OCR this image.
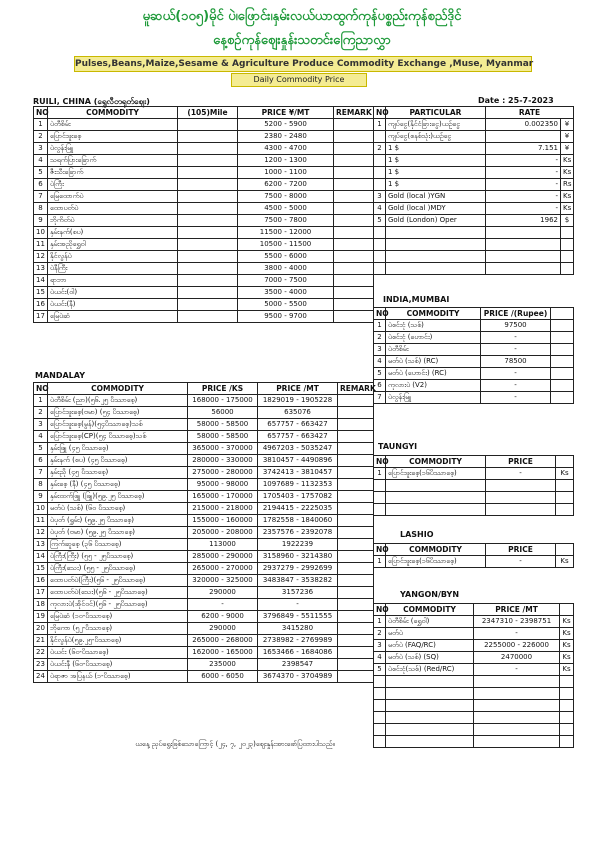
မူဆယ်(၁၀၅)မိုင် ပဲ၊ဖြောင်း၊နှမ်းလယ်ယာထွက်ကုန်ပစ္စည်းကုန်စည်ဒိုင်
နေ့စဉ်ကုန်စျေးနှုန်းသတင်းကြေညာလွှာ
Pulses,Beans,Maize,Sesame & Agriculture Produce Commodity Exchange ,Muse, Myanmar
Daily Commodity Price
RUILI, CHINA (ရွှေလီတရုတ်စျေး)	Date : 25-7-2023
NO	COMMODITY	(105)Mile	PRICE ¥/MT	REMARK
1	ပဲတီစိမ်း		5200 - 5900	
2	ပြောင်းဖူးစေ့		2380 - 2480	
3	ပဲလွန်းမြူ		4300 - 4700	
4	သရက်ပြားခြောက်		1200 - 1300	
5	ဇီးသီးခြောက်		1000 - 1100	
6	ပဲကြီး		6200 - 7200	
7	မြေထောက်ပဲ		7500 - 8000	
8	ထောပတ်ပဲ		4500 - 5000	
9	ဘိုကိတ်ပဲ		7500 - 7800	
10	နှမ်းနက်(စပ)		11500 - 12000	
11	နှမ်းအညိုရွှေဝါ		10500 - 11500	
12	နိုင်လွန်ပဲ		5500 - 6000	
13	ပဲနီကြီး		3800 - 4000	
14	ရာဘာ		7000 - 7500	
15	ပဲယင်း(ဝါ)		3500 - 4000	
16	ပဲယင်း(နီ)		5000 - 5500	
17	မြေပဲဆံ		9500 - 9700	
NO	PARTICULAR	RATE	
1	ကျပ်ငွေ(နိုင်ငံခြားငွေ)ယဉ်ငွေ	0.002350	¥
	ကျပ်ငွေ(စနစ်သုံး)ယဉ်ငွေ		¥
2	1 $	7.151	¥
	1 $	-	Ks
	1 $	-	Ks
	1 $	-	Rs
3	Gold (local )YGN	-	Ks
4	Gold (local )MDY	-	Ks
5	Gold (London) Oper	1962	$

INDIA,MUMBAI
NO	COMMODITY	PRICE /(Rupee)	
1	ပဲစင်းငုံ (သစ်)	97500	
2	ပဲစင်းငုံ (ဟောင်း)	-	
3	ပဲတီစိမ်း	-	
4	မတ်ပဲ (သစ်) (RC)	78500	
5	မတ်ပဲ (ဟောင်း) (RC)	-	
6	ကုလားပဲ (V2)	-	
7	ပဲလွန်းမြူ	-	
MANDALAY
NO	COMMODITY	PRICE /KS	PRICE /MT	REMARK
1	ပဲတီစိမ်း (ညာ)(၅၆.၂၅ ပိဿာစေ့)	168000 - 175000	1829019 - 1905228	
2	ပြောင်းဖူးစေ့(ဗမာ) (၅၄ ပိဿာစေ့)	56000	635076	
3	ပြောင်းဖူးစေ့(မွန်)(၅၄ပိဿာစေ့)သစ်	58000 - 58500	657757 - 663427	
4	ပြောင်းဖူးစေ့(CP)(၅၄ ပိဿာစေ့)သစ်	58000 - 58500	657757 - 663427	
5	နှမ်းဖြူ (၄၅ ပိဿာစေ့)	365000 - 370000	4967203 - 5035247	
6	နှမ်းနက် (စပ) (၄၅ ပိဿာစေ့)	280000 - 330000	3810457 - 4490896	
7	နှမ်းညို (၄၅ ပိဿာစေ့)	275000 - 280000	3742413 - 3810457	
8	နှမ်းစေ့ (နီ) (၄၅ ပိဿာစေ့)	95000 - 98000	1097689 - 1132353	
9	နှမ်းထက်ဖြူ (ဖြူ)(၅၉.၂၅ ပိဿာစေ့)	165000 - 170000	1705403 - 1757082	
10	မတ်ပဲ (သစ်) (၆၀ ပိဿာစေ့)	215000 - 218000	2194415 - 2225035	
11	ပဲပုတ် (ရွှမ်း) (၅၉.၂၅ ပိဿာစေ့)	155000 - 160000	1782558 - 1840060	
12	ပဲပုတ် (ဗမာ) (၅၉.၂၅ ပိဿာစေ့)	205000 - 208000	2357576 - 2392078	
13	ကြက်ဆူစေ့ (၃၆ ပိဿာစေ့)	113000	1922239	
14	ပဲကြီး(ကြီး) (၅၅ - ၂၅ပိဿာစေ့)	285000 - 290000	3158960 - 3214380	
15	ပဲကြီး(သေး) (၅၅ - ၂၅ပိဿာစေ့)	265000 - 270000	2937279 - 2992699	
16	ထောပတ်ပဲ(ကြီး)(၅၆ - ၂၅ပိဿာစေ့)	320000 - 325000	3483847 - 3538282	
17	ထောပတ်ပဲ(သေး)(၅၆ - ၂၅ပိဿာစေ့)	290000	3157236	
18	ကုလားပဲ(အိုင်ဝင်)(၅၆ - ၂၅ပိဿာစေ့)	-	-	
19	မြေပဲဆံ (၁၀-ပိဿာစေ့)	6200 - 9000	3796849 - 5511555	
20	ဘိုကော (၅၂-ပိဿာစေ့)	290000	3415280	
21	နိုင်လွန်ပဲ(၅၉.၂၅-ပိဿာစေ့)	265000 - 268000	2738982 - 2769989	
22	ပဲယင်း (၆၀-ပိဿာစေ့)	162000 - 165000	1653466 - 1684086	
23	ပဲယင်းနီ (၆၀-ပိဿာစေ့)	235000	2398547	
24	ပဲရာဇာ အပြနယ် (၁-ပိဿာစေ့)	6000 - 6050	3674370 - 3704989	
TAUNGYI
NO	COMMODITY	PRICE	
1	ပြောင်းဖူးစေ့(၁၆ပိဿာစေ့)	-	Ks

LASHIO
NO	COMMODITY	PRICE	
1	ပြောင်းဖူးစေ့(၁၆ပိဿာစေ့)	-	Ks
YANGON/BYN
NO	COMMODITY	PRICE /MT	
1	ပဲတီစိမ်း (ရွှေဝါ)	2347310 - 2398751	Ks
2	မတ်ပဲ	-	Ks
3	မတ်ပဲ (FAQ/RC)	2255000 - 226000	Ks
4	မတ်ပဲ (သစ်) (SQ)	2470000	Ks
5	ပဲစင်းငုံ(သစ်) (Red/RC)	-	Ks

ယနေ့ ညှပ်ရွေးဖြစ်သောကြောင့် (၂၄, ၇, ၂၀၂၃)စျေးနှုန်းအားဖော်ပြထားပါသည်။
